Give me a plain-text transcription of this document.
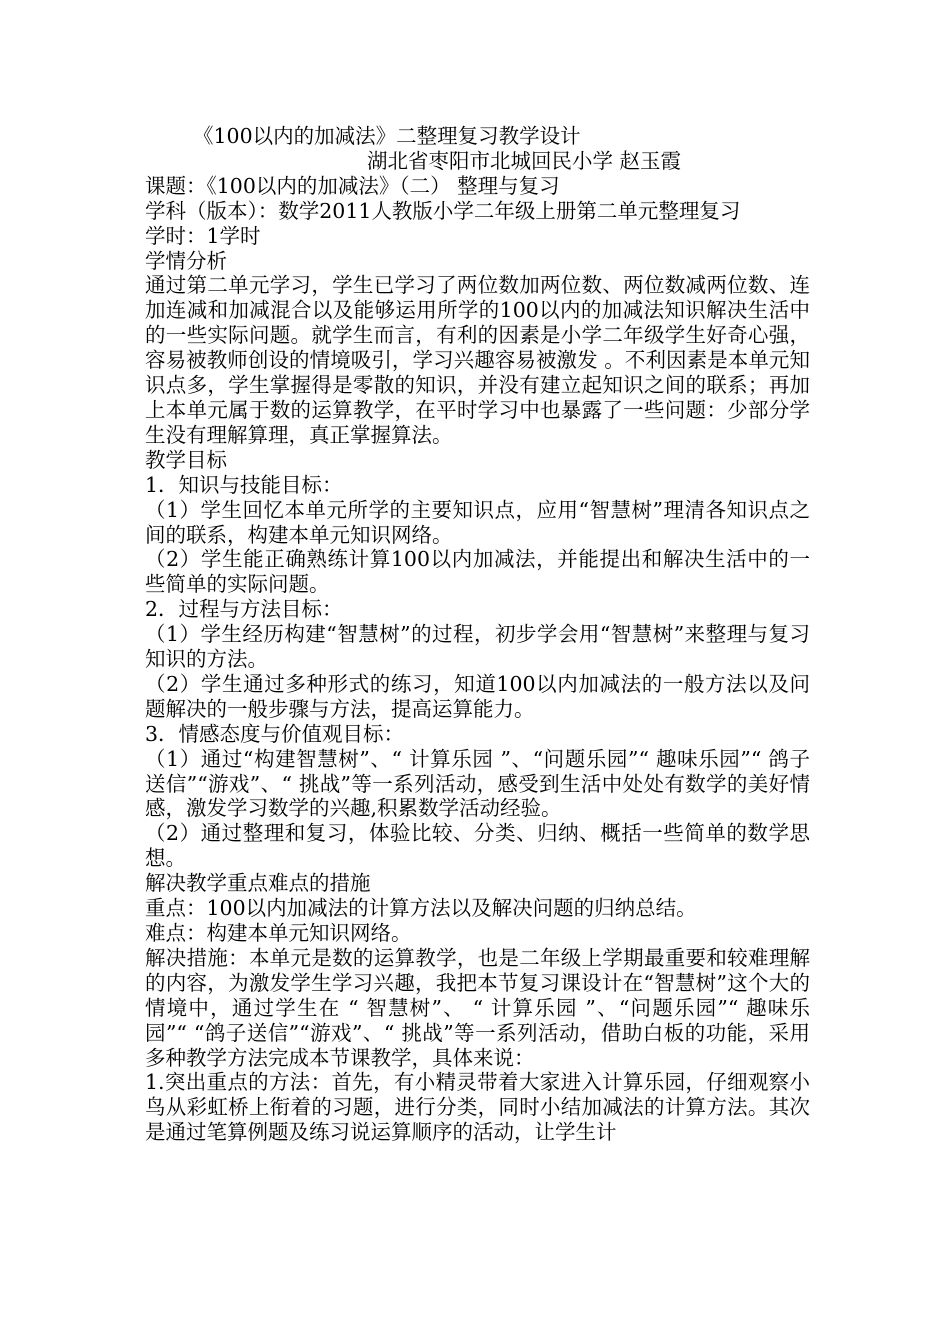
《100以内的加减法》二整理复习教学设计
湖北省枣阳市北城回民小学 赵玉霞
课题：《100以内的加减法》（二） 整理与复习
学科（版本）：数学2011人教版小学二年级上册第二单元整理复习
学时：1学时
学情分析
通过第二单元学习，学生已学习了两位数加两位数、两位数减两位数、连加连减和加减混合以及能够运用所学的100以内的加减法知识解决生活中的一些实际问题。就学生而言，有利的因素是小学二年级学生好奇心强，容易被教师创设的情境吸引，学习兴趣容易被激发 。不利因素是本单元知识点多，学生掌握得是零散的知识，并没有建立起知识之间的联系；再加上本单元属于数的运算教学，在平时学习中也暴露了一些问题：少部分学生没有理解算理，真正掌握算法。
教学目标
1．知识与技能目标：
（1）学生回忆本单元所学的主要知识点，应用“智慧树”理清各知识点之间的联系，构建本单元知识网络。
（2）学生能正确熟练计算100以内加减法，并能提出和解决生活中的一些简单的实际问题。
2．过程与方法目标：
（1）学生经历构建“智慧树”的过程，初步学会用“智慧树”来整理与复习知识的方法。
（2）学生通过多种形式的练习，知道100以内加减法的一般方法以及问题解决的一般步骤与方法，提高运算能力。
3．情感态度与价值观目标：
（1）通过“构建智慧树”、“ 计算乐园 ”、“问题乐园”“ 趣味乐园”“ 鸽子送信”“游戏”、“ 挑战”等一系列活动，感受到生活中处处有数学的美好情感，激发学习数学的兴趣,积累数学活动经验。
（2）通过整理和复习，体验比较、分类、归纳、概括一些简单的数学思想。
解决教学重点难点的措施
重点：100以内加减法的计算方法以及解决问题的归纳总结。
难点：构建本单元知识网络。
解决措施：本单元是数的运算教学，也是二年级上学期最重要和较难理解的内容，为激发学生学习兴趣，我把本节复习课设计在“智慧树”这个大的情境中，通过学生在 “ 智慧树”、 “ 计算乐园 ”、“问题乐园”“ 趣味乐园”“ “鸽子送信”“游戏”、“ 挑战”等一系列活动，借助白板的功能，采用多种教学方法完成本节课教学，具体来说：
1.突出重点的方法：首先，有小精灵带着大家进入计算乐园，仔细观察小鸟从彩虹桥上衔着的习题，进行分类，同时小结加减法的计算方法。其次是通过笔算例题及练习说运算顺序的活动，让学生计
